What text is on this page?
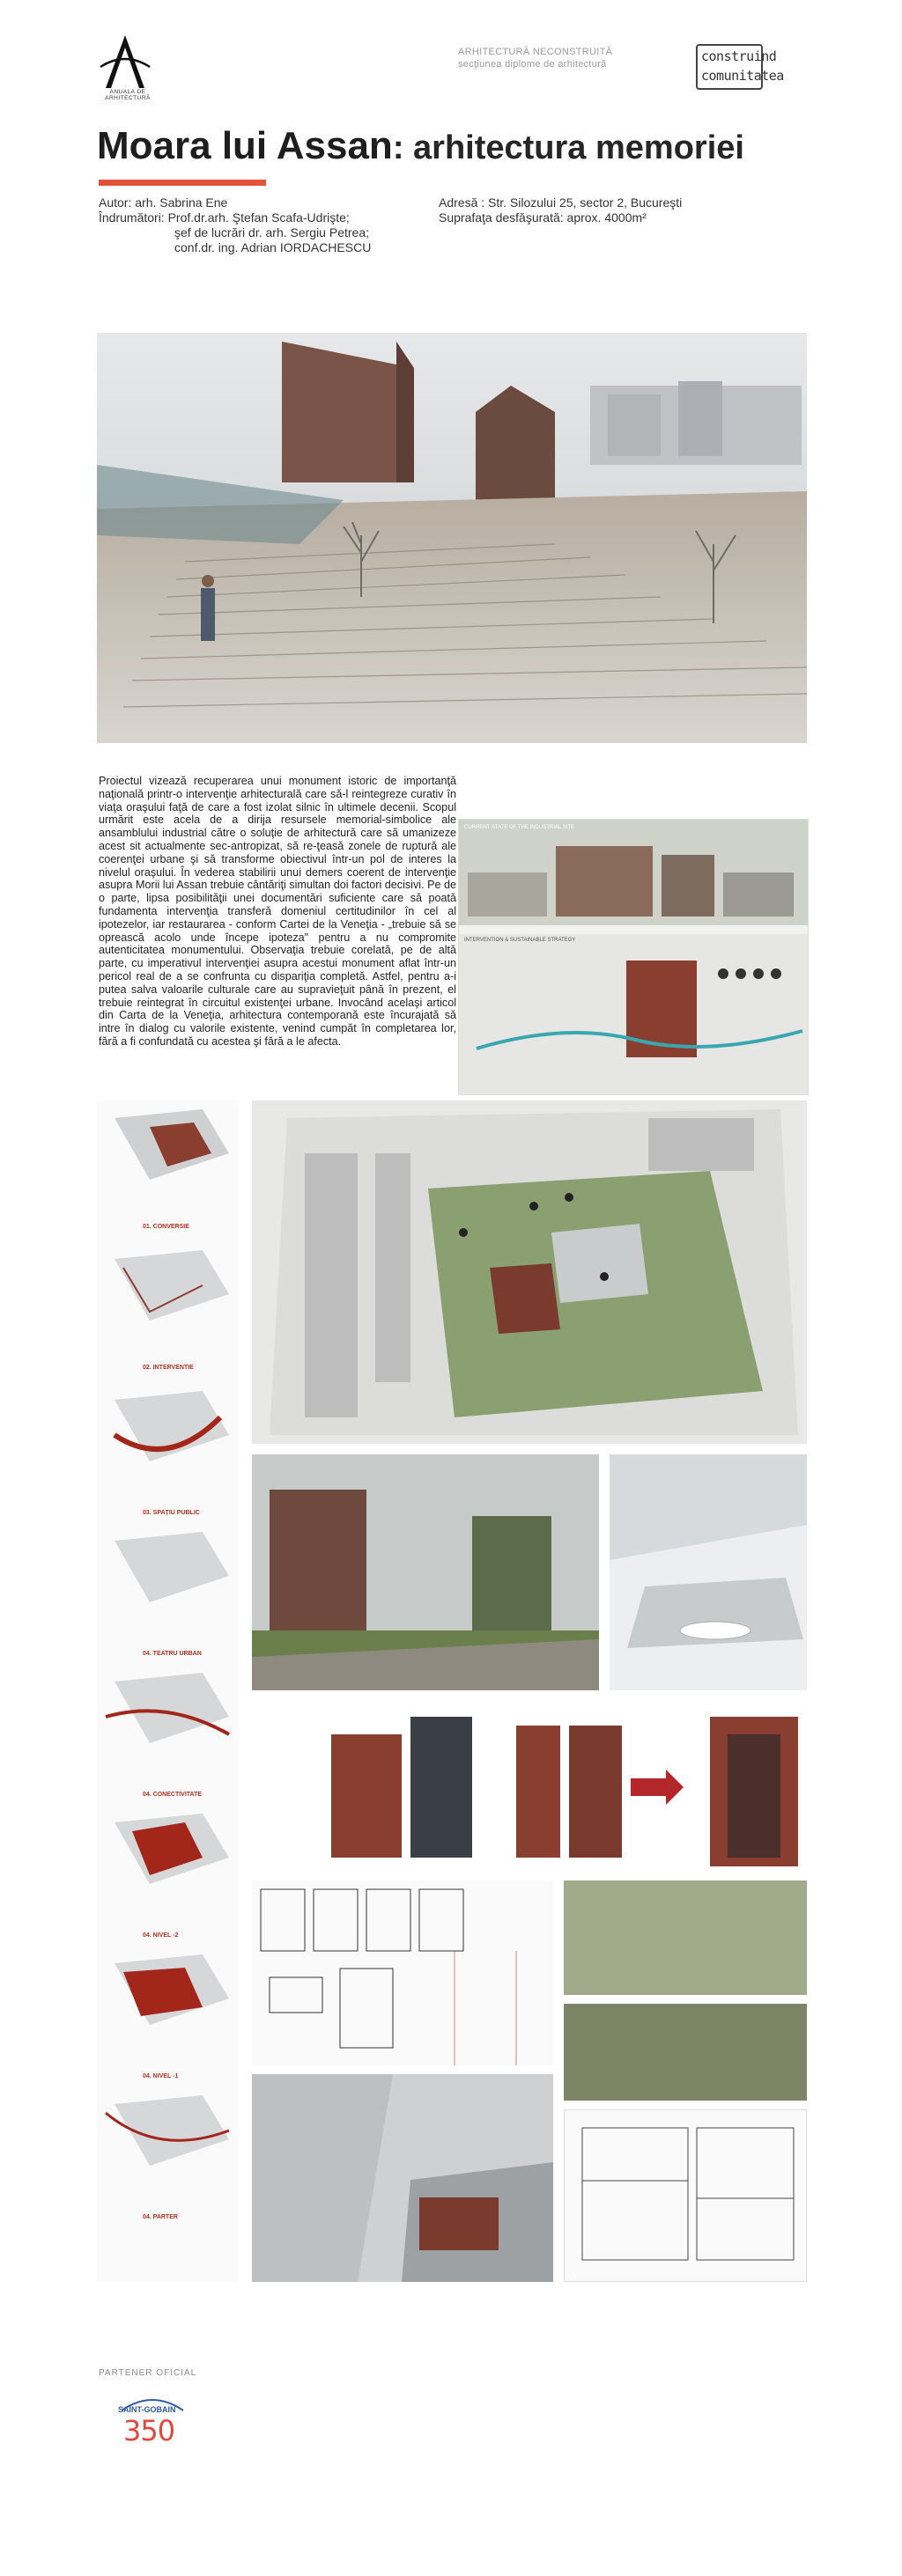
ANUALA DE ARHITECTURĂ
ARHITECTURĂ NECONSTRUITĂ
secţiunea diplome de arhitectură	construind
comunitatea
Moara lui Assan: arhitectura memoriei
Autor: arh. Sabrina Ene
Îndrumători: Prof.dr.arh. Ştefan Scafa-Udrişte;
şef de lucrări dr. arh. Sergiu Petrea;
conf.dr. ing. Adrian IORDACHESCU
Adresă : Str. Silozului 25, sector 2, Bucureşti
Suprafaţa desfăşurată: aprox. 4000m²
Proiectul vizează recuperarea unui monument istoric de importanţă naţională printr-o intervenţie arhitecturală care să-l reintegreze curativ în viaţa oraşului faţă de care a fost izolat silnic în ultimele decenii. Scopul urmărit este acela de a dirija resursele memorial-simbolice ale ansamblului industrial către o soluţie de arhitectură care să umanizeze acest sit actualmente sec-antropizat, să re-ţeasă zonele de ruptură ale coerenţei urbane şi să transforme obiectivul într-un pol de interes la nivelul oraşului. În vederea stabilirii unui demers coerent de intervenţie asupra Morii lui Assan trebuie cântăriţi simultan doi factori decisivi. Pe de o parte, lipsa posibilităţii unei documentări suficiente care să poată fundamenta intervenţia transferă domeniul certitudinilor în cel al ipotezelor, iar restaurarea - conform Cartei de la Veneţia - „trebuie să se oprească acolo unde începe ipoteza" pentru a nu compromite autenticitatea monumentului. Observaţia trebuie corelată, pe de altă parte, cu imperativul intervenţiei asupra acestui monument aflat într-un pericol real de a se confrunta cu dispariţia completă. Astfel, pentru a-i putea salva valoarile culturale care au supravieţuit până în prezent, el trebuie reintegrat în circuitul existenţei urbane. Invocând acelaşi articol din Carta de la Veneţia, arhitectura contemporană este încurajată să intre în dialog cu valorile existente, venind cumpăt în completarea lor, fără a fi confundată cu acestea şi fără a le afecta.
CURRENT STATE OF THE INDUSTRIAL SITE
INTERVENTION & SUSTAINABLE STRATEGY
01. CONVERSIE
02. INTERVENTIE
03. SPAȚIU PUBLIC
04. TEATRU URBAN
04. CONECTIVITATE
04. NIVEL -2
04. NIVEL -1
04. PARTER
PARTENER OFICIAL
SAINT-GOBAIN
350
